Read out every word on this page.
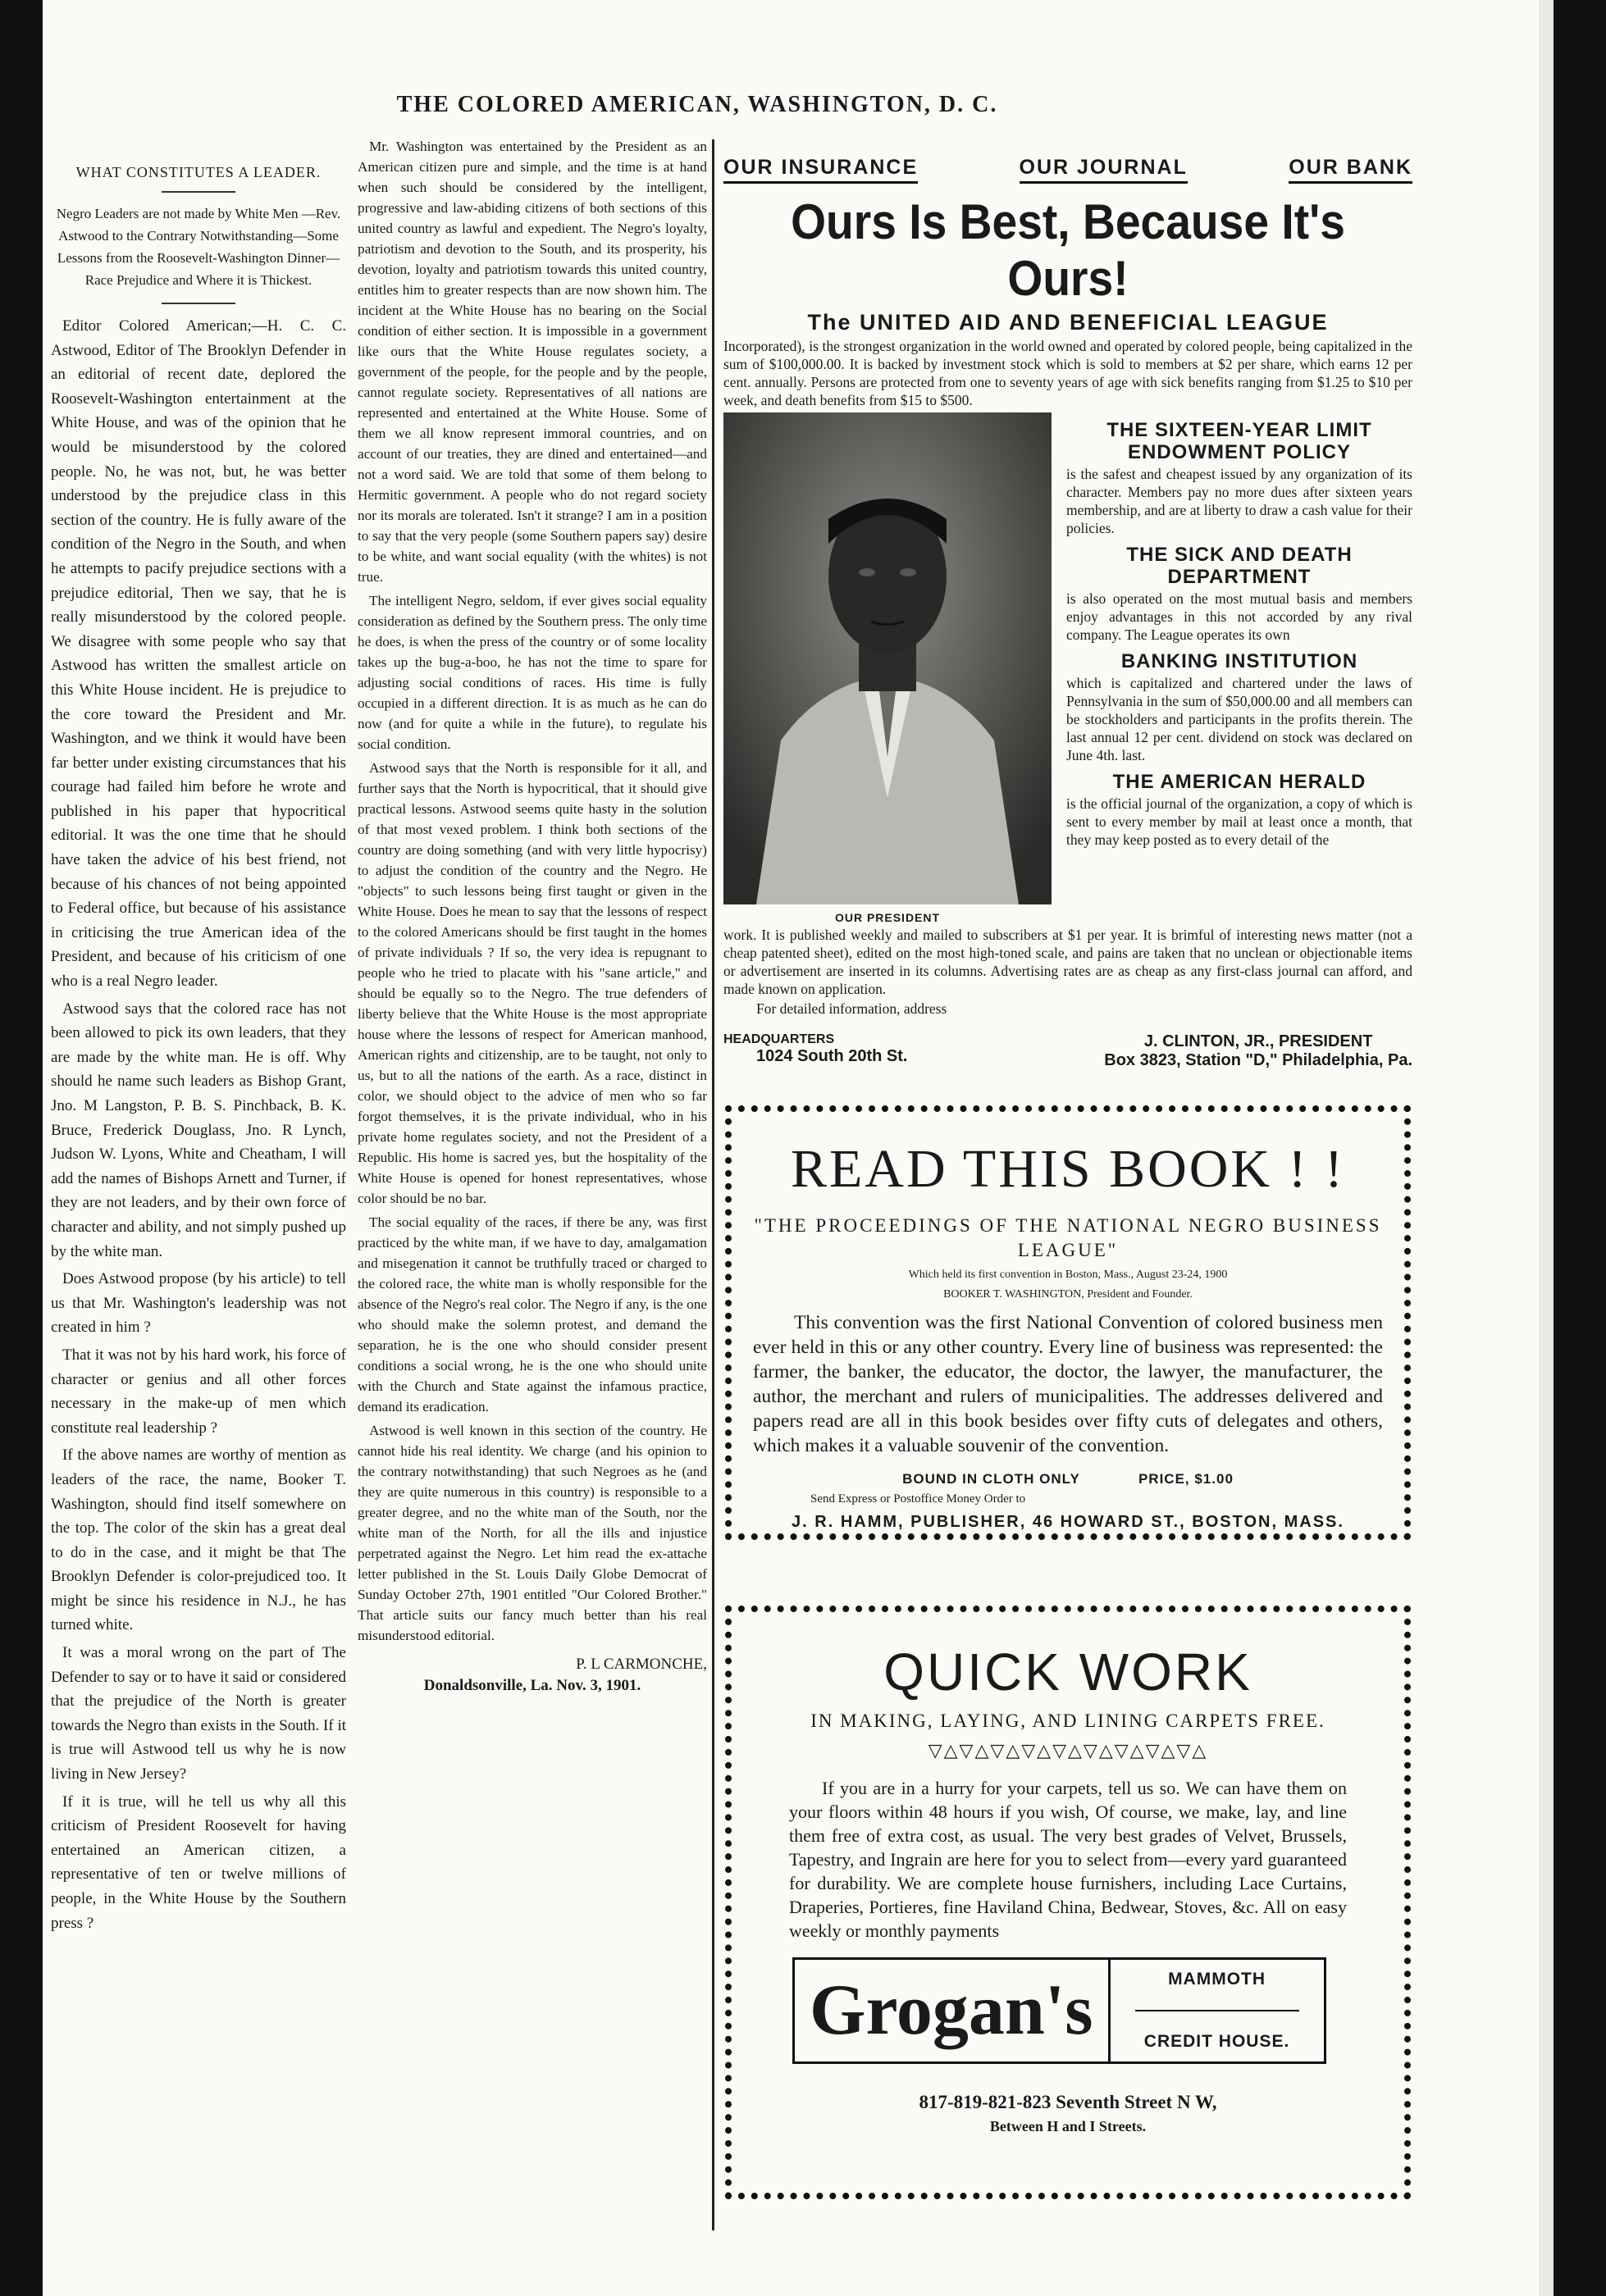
THE COLORED AMERICAN, WASHINGTON, D. C.
WHAT CONSTITUTES A LEADER.
Negro Leaders are not made by White Men —Rev. Astwood to the Contrary Notwithstanding—Some Lessons from the Roosevelt-Washington Dinner—Race Prejudice and Where it is Thickest.

Editor Colored American;—H. C. C. Astwood, Editor of The Brooklyn Defender in an editorial of recent date, deplored the Roosevelt-Washington entertainment at the White House, and was of the opinion that he would be misunderstood by the colored people. No, he was not, but, he was better understood by the prejudice class in this section of the country. He is fully aware of the condition of the Negro in the South, and when he attempts to pacify prejudice sections with a prejudice editorial, Then we say, that he is really misunderstood by the colored people. We disagree with some people who say that Astwood has written the smallest article on this White House incident. He is prejudice to the core toward the President and Mr. Washington, and we think it would have been far better under existing circumstances that his courage had failed him before he wrote and published in his paper that hypocritical editorial. It was the one time that he should have taken the advice of his best friend, not because of his chances of not being appointed to Federal office, but because of his assistance in criticising the true American idea of the President, and because of his criticism of one who is a real Negro leader.

Astwood says that the colored race has not been allowed to pick its own leaders, that they are made by the white man. He is off. Why should he name such leaders as Bishop Grant, Jno. M Langston, P. B. S. Pinchback, B. K. Bruce, Frederick Douglass, Jno. R Lynch, Judson W. Lyons, White and Cheatham, I will add the names of Bishops Arnett and Turner, if they are not leaders, and by their own force of character and ability, and not simply pushed up by the white man.

Does Astwood propose (by his article) to tell us that Mr. Washington's leadership was not created in him ?

That it was not by his hard work, his force of character or genius and all other forces necessary in the make-up of men which constitute real leadership ?

If the above names are worthy of mention as leaders of the race, the name, Booker T. Washington, should find itself somewhere on the top. The color of the skin has a great deal to do in the case, and it might be that The Brooklyn Defender is color-prejudiced too. It might be since his residence in N.J., he has turned white.

It was a moral wrong on the part of The Defender to say or to have it said or considered that the prejudice of the North is greater towards the Negro than exists in the South. If it is true will Astwood tell us why he is now living in New Jersey?

If it is true, will he tell us why all this criticism of President Roosevelt for having entertained an American citizen, a representative of ten or twelve millions of people, in the White House by the Southern press ?

Mr. Washington was entertained by the President as an American citizen pure and simple, and the time is at hand when such should be considered by the intelligent, progressive and law-abiding citizens of both sections of this united country as lawful and expedient. The Negro's loyalty, patriotism and devotion to the South, and its prosperity, his devotion, loyalty and patriotism towards this united country, entitles him to greater respects than are now shown him. The incident at the White House has no bearing on the Social condition of either section. It is impossible in a government like ours that the White House regulates society, a government of the people, for the people and by the people, cannot regulate society. Representatives of all nations are represented and entertained at the White House. Some of them we all know represent immoral countries, and on account of our treaties, they are dined and entertained—and not a word said. We are told that some of them belong to Hermitic government. A people who do not regard society nor its morals are tolerated. Isn't it strange? I am in a position to say that the very people (some Southern papers say) desire to be white, and want social equality (with the whites) is not true.

The intelligent Negro, seldom, if ever gives social equality consideration as defined by the Southern press. The only time he does, is when the press of the country or of some locality takes up the bug-a-boo, he has not the time to spare for adjusting social conditions of races. His time is fully occupied in a different direction. It is as much as he can do now (and for quite a while in the future), to regulate his social condition.

Astwood says that the North is responsible for it all, and further says that the North is hypocritical, that it should give practical lessons. Astwood seems quite hasty in the solution of that most vexed problem. I think both sections of the country are doing something (and with very little hypocrisy) to adjust the condition of the country and the Negro. He "objects" to such lessons being first taught or given in the White House. Does he mean to say that the lessons of respect to the colored Americans should be first taught in the homes of private individuals ? If so, the very idea is repugnant to people who he tried to placate with his "sane article," and should be equally so to the Negro. The true defenders of liberty believe that the White House is the most appropriate house where the lessons of respect for American manhood, American rights and citizenship, are to be taught, not only to us, but to all the nations of the earth. As a race, distinct in color, we should object to the advice of men who so far forgot themselves, it is the private individual, who in his private home regulates society, and not the President of a Republic. His home is sacred yes, but the hospitality of the White House is opened for honest representatives, whose color should be no bar.

The social equality of the races, if there be any, was first practiced by the white man, if we have to day, amalgamation and misegenation it cannot be truthfully traced or charged to the colored race, the white man is wholly responsible for the absence of the Negro's real color. The Negro if any, is the one who should make the solemn protest, and demand the separation, he is the one who should consider present conditions a social wrong, he is the one who should unite with the Church and State against the infamous practice, demand its eradication.

Astwood is well known in this section of the country. He cannot hide his real identity. We charge (and his opinion to the contrary notwithstanding) that such Negroes as he (and they are quite numerous in this country) is responsible to a greater degree, and no the white man of the South, nor the white man of the North, for all the ills and injustice perpetrated against the Negro. Let him read the ex-attache letter published in the St. Louis Daily Globe Democrat of Sunday October 27th, 1901 entitled "Our Colored Brother." That article suits our fancy much better than his real misunderstood editorial.

P. L CARMONCHE,
Donaldsonville, La. Nov. 3, 1901.
OUR INSURANCE	OUR JOURNAL	OUR BANK
Ours Is Best, Because It's Ours!
The UNITED AID AND BENEFICIAL LEAGUE
Incorporated), is the strongest organization in the world owned and operated by colored people, being capitalized in the sum of $100,000.00. It is backed by investment stock which is sold to members at $2 per share, which earns 12 per cent. annually. Persons are protected from one to seventy years of age with sick benefits ranging from $1.25 to $10 per week, and death benefits from $15 to $500.
OUR PRESIDENT
THE SIXTEEN-YEAR LIMIT ENDOWMENT POLICY
is the safest and cheapest issued by any organization of its character. Members pay no more dues after sixteen years membership, and are at liberty to draw a cash value for their policies.
THE SICK AND DEATH DEPARTMENT
is also operated on the most mutual basis and members enjoy advantages in this not accorded by any rival company. The League operates its own
BANKING INSTITUTION
which is capitalized and chartered under the laws of Pennsylvania in the sum of $50,000.00 and all members can be stockholders and participants in the profits therein. The last annual 12 per cent. dividend on stock was declared on June 4th. last.
THE AMERICAN HERALD
is the official journal of the organization, a copy of which is sent to every member by mail at least once a month, that they may keep posted as to every detail of the
work. It is published weekly and mailed to subscribers at $1 per year. It is brimful of interesting news matter (not a cheap patented sheet), edited on the most high-toned scale, and pains are taken that no unclean or objectionable items or advertisement are inserted in its columns. Advertising rates are as cheap as any first-class journal can afford, and made known on application.
For detailed information, address
HEADQUARTERS
1024 South 20th St.
J. CLINTON, JR., PRESIDENT
Box 3823, Station "D," Philadelphia, Pa.
READ THIS BOOK ! !
"THE PROCEEDINGS OF THE NATIONAL NEGRO BUSINESS LEAGUE"
Which held its first convention in Boston, Mass., August 23-24, 1900
BOOKER T. WASHINGTON, President and Founder.
This convention was the first National Convention of colored business men ever held in this or any other country. Every line of business was represented: the farmer, the banker, the educator, the doctor, the lawyer, the manufacturer, the author, the merchant and rulers of municipalities. The addresses delivered and papers read are all in this book besides over fifty cuts of delegates and others, which makes it a valuable souvenir of the convention.
BOUND IN CLOTH ONLY	PRICE, $1.00
Send Express or Postoffice Money Order to
J. R. HAMM, PUBLISHER, 46 HOWARD ST., BOSTON, MASS.
QUICK WORK
IN MAKING, LAYING, AND LINING CARPETS FREE.
▽△▽△▽△▽△▽△▽△▽△▽△▽△
If you are in a hurry for your carpets, tell us so. We can have them on your floors within 48 hours if you wish, Of course, we make, lay, and line them free of extra cost, as usual. The very best grades of Velvet, Brussels, Tapestry, and Ingrain are here for you to select from—every yard guaranteed for durability. We are complete house furnishers, including Lace Curtains, Draperies, Portieres, fine Haviland China, Bedwear, Stoves, &c. All on easy weekly or monthly payments
Grogan's	MAMMOTH
CREDIT HOUSE.
817-819-821-823 Seventh Street N W,
Between H and I Streets.
